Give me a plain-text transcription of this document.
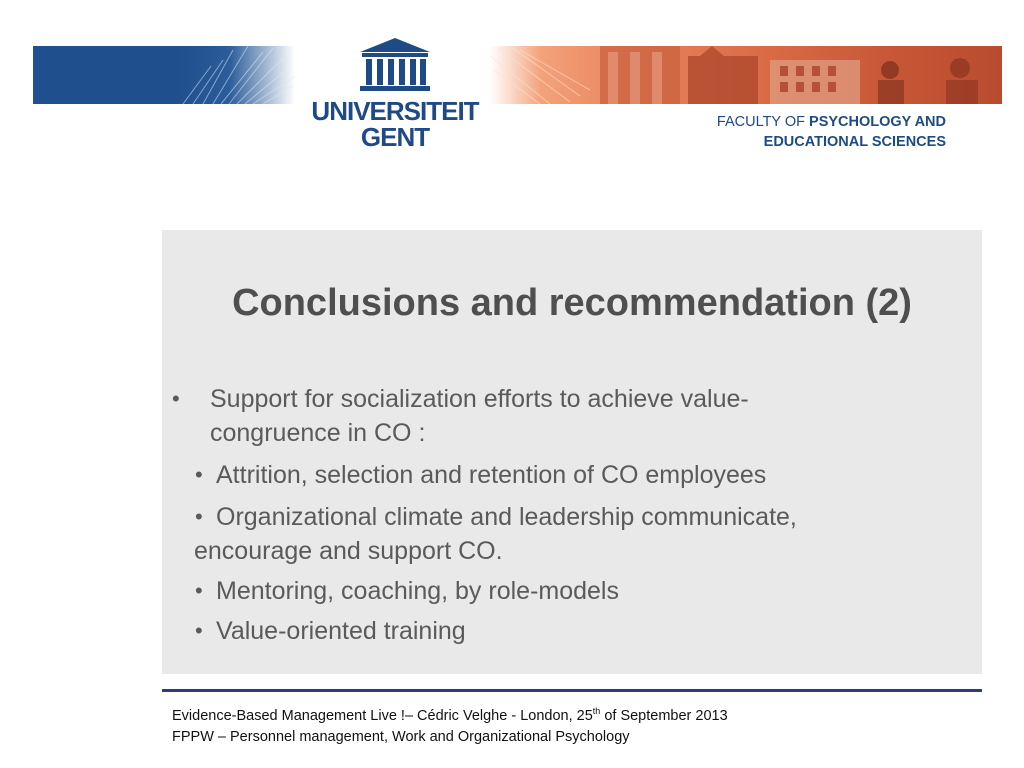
UNIVERSITEIT
GENT	FACULTY OF PSYCHOLOGY AND
EDUCATIONAL SCIENCES
Conclusions and recommendation (2)
• Support for socialization efforts to achieve value-
congruence in CO :
• Attrition, selection and retention of CO employees
• Organizational climate and leadership communicate,
encourage and support CO.
• Mentoring, coaching, by role-models
• Value-oriented training
Evidence-Based Management Live !– Cédric Velghe - London, 25th of September 2013
FPPW – Personnel management, Work and Organizational Psychology
